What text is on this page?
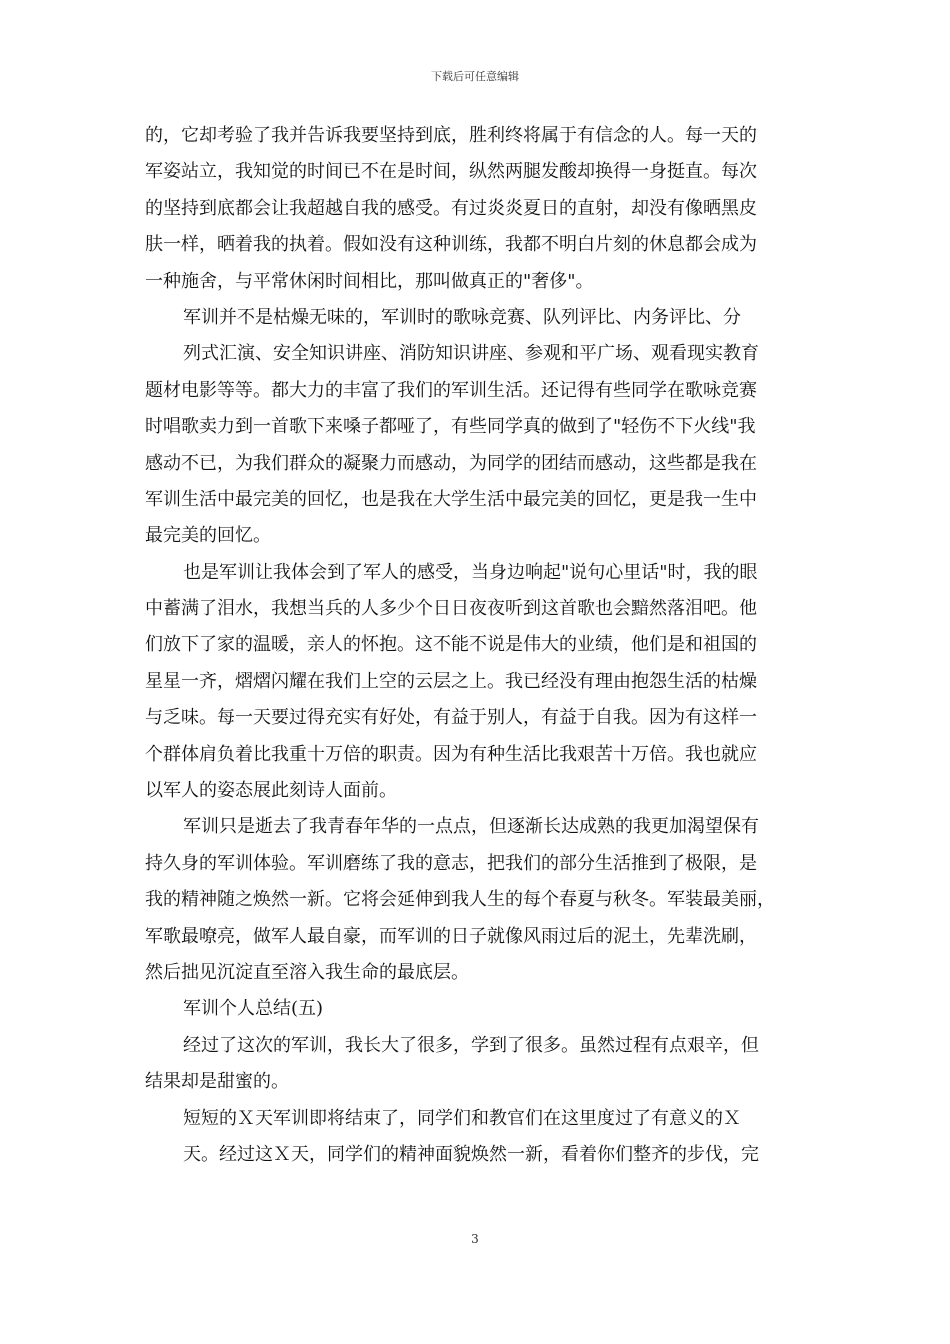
下载后可任意编辑
的，它却考验了我并告诉我要坚持到底，胜利终将属于有信念的人。每一天的
军姿站立，我知觉的时间已不在是时间，纵然两腿发酸却换得一身挺直。每次
的坚持到底都会让我超越自我的感受。有过炎炎夏日的直射，却没有像晒黑皮
肤一样，晒着我的执着。假如没有这种训练，我都不明白片刻的休息都会成为
一种施舍，与平常休闲时间相比，那叫做真正的"奢侈"。
军训并不是枯燥无味的，军训时的歌咏竞赛、队列评比、内务评比、分
列式汇演、安全知识讲座、消防知识讲座、参观和平广场、观看现实教育
题材电影等等。都大力的丰富了我们的军训生活。还记得有些同学在歌咏竞赛
时唱歌卖力到一首歌下来嗓子都哑了，有些同学真的做到了"轻伤不下火线"我
感动不已，为我们群众的凝聚力而感动，为同学的团结而感动，这些都是我在
军训生活中最完美的回忆，也是我在大学生活中最完美的回忆，更是我一生中
最完美的回忆。
也是军训让我体会到了军人的感受，当身边响起"说句心里话"时，我的眼
中蓄满了泪水，我想当兵的人多少个日日夜夜听到这首歌也会黯然落泪吧。他
们放下了家的温暖，亲人的怀抱。这不能不说是伟大的业绩，他们是和祖国的
星星一齐，熠熠闪耀在我们上空的云层之上。我已经没有理由抱怨生活的枯燥
与乏味。每一天要过得充实有好处，有益于别人，有益于自我。因为有这样一
个群体肩负着比我重十万倍的职责。因为有种生活比我艰苦十万倍。我也就应
以军人的姿态展此刻诗人面前。
军训只是逝去了我青春年华的一点点，但逐渐长达成熟的我更加渴望保有
持久身的军训体验。军训磨练了我的意志，把我们的部分生活推到了极限，是
我的精神随之焕然一新。它将会延伸到我人生的每个春夏与秋冬。军装最美丽，
军歌最嘹亮，做军人最自豪，而军训的日子就像风雨过后的泥土，先辈洗刷，
然后拙见沉淀直至溶入我生命的最底层。
军训个人总结(五)
经过了这次的军训，我长大了很多，学到了很多。虽然过程有点艰辛，但
结果却是甜蜜的。
短短的Ｘ天军训即将结束了，同学们和教官们在这里度过了有意义的Ｘ
天。经过这Ｘ天，同学们的精神面貌焕然一新，看着你们整齐的步伐，完
3
